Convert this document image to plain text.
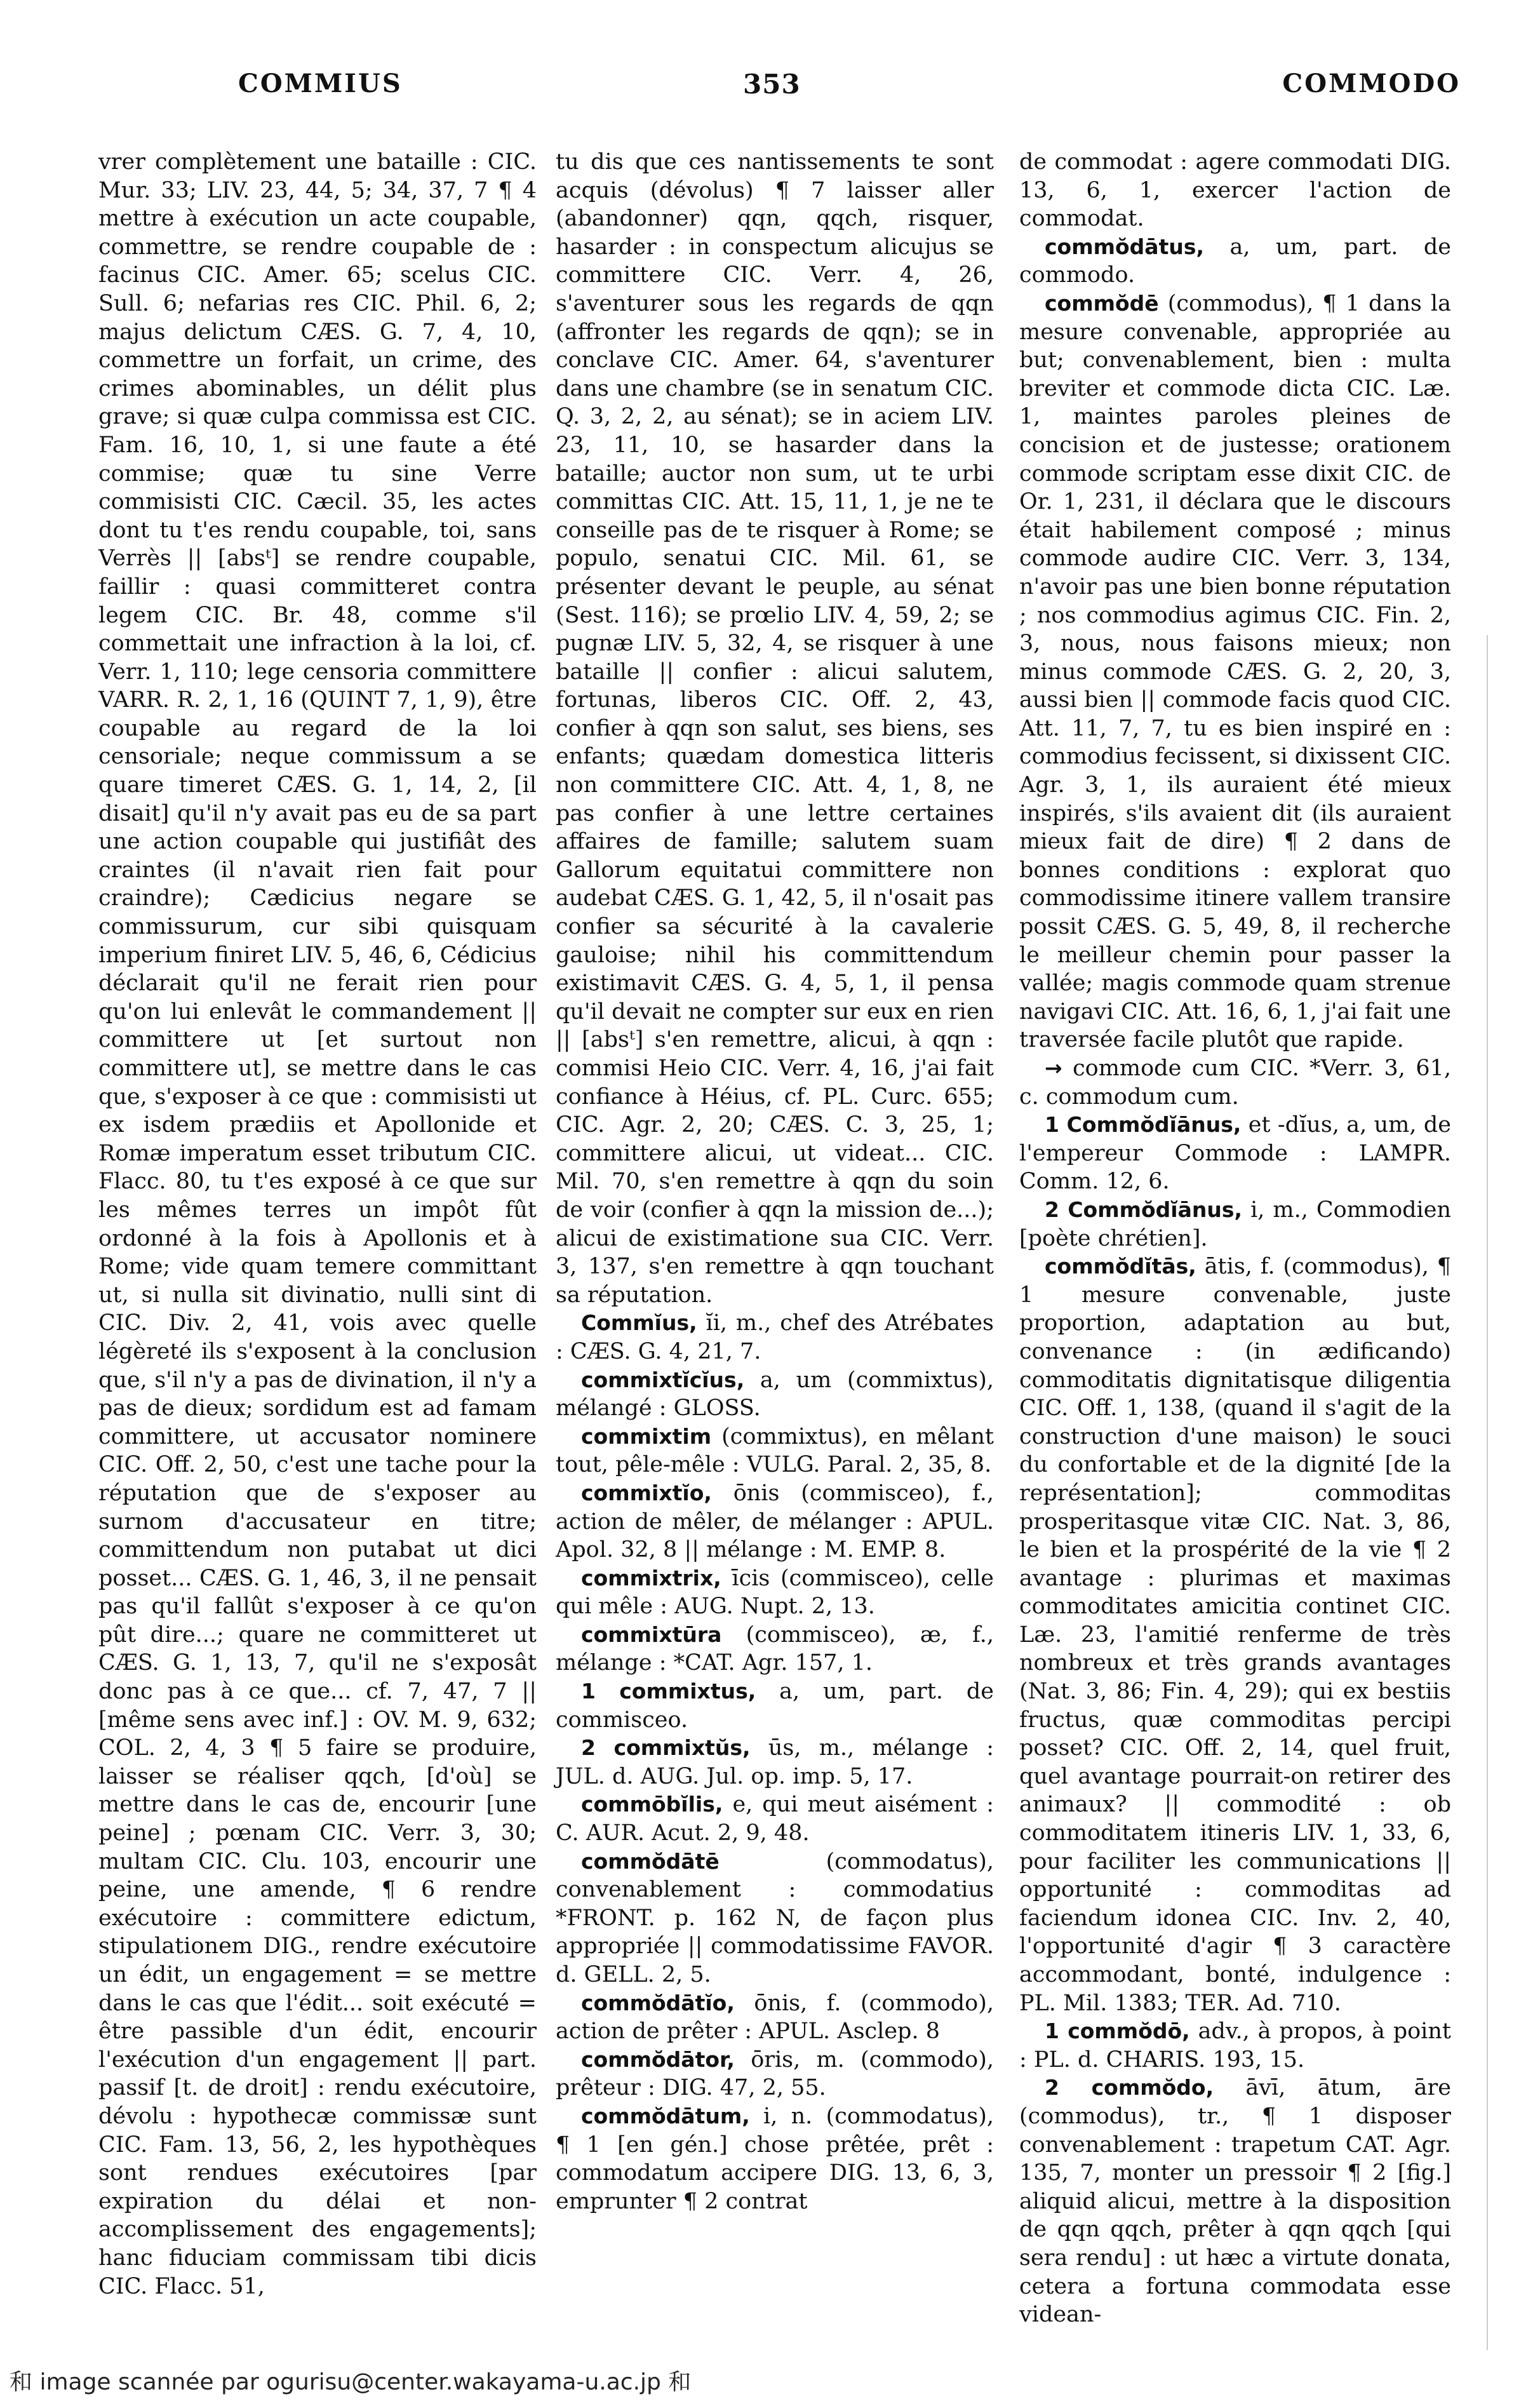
COMMIUS	353	COMMODO

vrer complètement une bataille : CIC. Mur. 33; LIV. 23, 44, 5; 34, 37, 7 ¶ 4 mettre à exécution un acte coupable, commettre, se rendre coupable de : facinus CIC. Amer. 65; scelus CIC. Sull. 6; nefarias res CIC. Phil. 6, 2; majus delictum CÆS. G. 7, 4, 10, commettre un forfait, un crime, des crimes abominables, un délit plus grave; si quæ culpa commissa est CIC. Fam. 16, 10, 1, si une faute a été commise; quæ tu sine Verre commisisti CIC. Cæcil. 35, les actes dont tu t'es rendu coupable, toi, sans Verrès || [absᵗ] se rendre coupable, faillir : quasi committeret contra legem CIC. Br. 48, comme s'il commettait une infraction à la loi, cf. Verr. 1, 110; lege censoria committere VARR. R. 2, 1, 16 (QUINT 7, 1, 9), être coupable au regard de la loi censoriale; neque commissum a se quare timeret CÆS. G. 1, 14, 2, [il disait] qu'il n'y avait pas eu de sa part une action coupable qui justifiât des craintes (il n'avait rien fait pour craindre); Cædicius negare se commissurum, cur sibi quisquam imperium finiret LIV. 5, 46, 6, Cédicius déclarait qu'il ne ferait rien pour qu'on lui enlevât le commandement || committere ut [et surtout non committere ut], se mettre dans le cas que, s'exposer à ce que : commisisti ut ex isdem prædiis et Apollonide et Romæ imperatum esset tributum CIC. Flacc. 80, tu t'es exposé à ce que sur les mêmes terres un impôt fût ordonné à la fois à Apollonis et à Rome; vide quam temere committant ut, si nulla sit divinatio, nulli sint di CIC. Div. 2, 41, vois avec quelle légèreté ils s'exposent à la conclusion que, s'il n'y a pas de divination, il n'y a pas de dieux; sordidum est ad famam committere, ut accusator nominere CIC. Off. 2, 50, c'est une tache pour la réputation que de s'exposer au surnom d'accusateur en titre; committendum non putabat ut dici posset... CÆS. G. 1, 46, 3, il ne pensait pas qu'il fallût s'exposer à ce qu'on pût dire...; quare ne committeret ut CÆS. G. 1, 13, 7, qu'il ne s'exposât donc pas à ce que... cf. 7, 47, 7 || [même sens avec inf.] : OV. M. 9, 632; COL. 2, 4, 3 ¶ 5 faire se produire, laisser se réaliser qqch, [d'où] se mettre dans le cas de, encourir [une peine] ; pœnam CIC. Verr. 3, 30; multam CIC. Clu. 103, encourir une peine, une amende, ¶ 6 rendre exécutoire : committere edictum, stipulationem DIG., rendre exécutoire un édit, un engagement = se mettre dans le cas que l'édit... soit exécuté = être passible d'un édit, encourir l'exécution d'un engagement || part. passif [t. de droit] : rendu exécutoire, dévolu : hypothecæ commissæ sunt CIC. Fam. 13, 56, 2, les hypothèques sont rendues exécutoires [par expiration du délai et non-accomplissement des engagements]; hanc fiduciam commissam tibi dicis CIC. Flacc. 51,

tu dis que ces nantissements te sont acquis (dévolus) ¶ 7 laisser aller (abandonner) qqn, qqch, risquer, hasarder : in conspectum alicujus se committere CIC. Verr. 4, 26, s'aventurer sous les regards de qqn (affronter les regards de qqn); se in conclave CIC. Amer. 64, s'aventurer dans une chambre (se in senatum CIC. Q. 3, 2, 2, au sénat); se in aciem LIV. 23, 11, 10, se hasarder dans la bataille; auctor non sum, ut te urbi committas CIC. Att. 15, 11, 1, je ne te conseille pas de te risquer à Rome; se populo, senatui CIC. Mil. 61, se présenter devant le peuple, au sénat (Sest. 116); se prœlio LIV. 4, 59, 2; se pugnæ LIV. 5, 32, 4, se risquer à une bataille || confier : alicui salutem, fortunas, liberos CIC. Off. 2, 43, confier à qqn son salut, ses biens, ses enfants; quædam domestica litteris non committere CIC. Att. 4, 1, 8, ne pas confier à une lettre certaines affaires de famille; salutem suam Gallorum equitatui committere non audebat CÆS. G. 1, 42, 5, il n'osait pas confier sa sécurité à la cavalerie gauloise; nihil his committendum existimavit CÆS. G. 4, 5, 1, il pensa qu'il devait ne compter sur eux en rien || [absᵗ] s'en remettre, alicui, à qqn : commisi Heio CIC. Verr. 4, 16, j'ai fait confiance à Héius, cf. PL. Curc. 655; CIC. Agr. 2, 20; CÆS. C. 3, 25, 1; committere alicui, ut videat... CIC. Mil. 70, s'en remettre à qqn du soin de voir (confier à qqn la mission de...); alicui de existimatione sua CIC. Verr. 3, 137, s'en remettre à qqn touchant sa réputation.

Commĭus, ĭi, m., chef des Atrébates : CÆS. G. 4, 21, 7.

commixtĭcĭus, a, um (commixtus), mélangé : GLOSS.

commixtim (commixtus), en mêlant tout, pêle-mêle : VULG. Paral. 2, 35, 8.

commixtĭo, ōnis (commisceo), f., action de mêler, de mélanger : APUL. Apol. 32, 8 || mélange : M. EMP. 8.

commixtrix, īcis (commisceo), celle qui mêle : AUG. Nupt. 2, 13.

commixtūra (commisceo), æ, f., mélange : *CAT. Agr. 157, 1.

1 commixtus, a, um, part. de commisceo.

2 commixtŭs, ūs, m., mélange : JUL. d. AUG. Jul. op. imp. 5, 17.

commōbĭlis, e, qui meut aisément : C. AUR. Acut. 2, 9, 48.

commŏdātē	(commodatus), convenablement : commodatius *FRONT. p. 162 N, de façon plus appropriée || commodatissime FAVOR. d. GELL. 2, 5.

commŏdātĭo, ōnis, f. (commodo), action de prêter : APUL. Asclep. 8

commŏdātor, ōris, m. (commodo), prêteur : DIG. 47, 2, 55.

commŏdātum, i, n. (commodatus), ¶ 1 [en gén.] chose prêtée, prêt : commodatum accipere DIG. 13, 6, 3, emprunter ¶ 2 contrat

de commodat : agere commodati DIG. 13, 6, 1, exercer l'action de commodat.

commŏdātus, a, um, part. de commodo.

commŏdē (commodus), ¶ 1 dans la mesure convenable, appropriée au but; convenablement, bien : multa breviter et commode dicta CIC. Læ. 1, maintes paroles pleines de concision et de justesse; orationem commode scriptam esse dixit CIC. de Or. 1, 231, il déclara que le discours était habilement composé ; minus commode audire CIC. Verr. 3, 134, n'avoir pas une bien bonne réputation ; nos commodius agimus CIC. Fin. 2, 3, nous, nous faisons mieux; non minus commode CÆS. G. 2, 20, 3, aussi bien || commode facis quod CIC. Att. 11, 7, 7, tu es bien inspiré en : commodius fecissent, si dixissent CIC. Agr. 3, 1, ils auraient été mieux inspirés, s'ils avaient dit (ils auraient mieux fait de dire) ¶ 2 dans de bonnes conditions : explorat quo commodissime itinere vallem transire possit CÆS. G. 5, 49, 8, il recherche le meilleur chemin pour passer la vallée; magis commode quam strenue navigavi CIC. Att. 16, 6, 1, j'ai fait une traversée facile plutôt que rapide.

→ commode cum CIC. *Verr. 3, 61, c. commodum cum.

1 Commŏdĭānus, et -dĭus, a, um, de l'empereur Commode : LAMPR. Comm. 12, 6.

2 Commŏdĭānus, i, m., Commodien [poète chrétien].

commŏdĭtās, ātis, f. (commodus), ¶ 1 mesure convenable, juste proportion, adaptation au but, convenance : (in ædificando) commoditatis dignitatisque diligentia CIC. Off. 1, 138, (quand il s'agit de la construction d'une maison) le souci du confortable et de la dignité [de la représentation]; commoditas prosperitasque vitæ CIC. Nat. 3, 86, le bien et la prospérité de la vie ¶ 2 avantage : plurimas et maximas commoditates amicitia continet CIC. Læ. 23, l'amitié renferme de très nombreux et très grands avantages (Nat. 3, 86; Fin. 4, 29); qui ex bestiis fructus, quæ commoditas percipi posset? CIC. Off. 2, 14, quel fruit, quel avantage pourrait-on retirer des animaux? || commodité : ob commoditatem itineris LIV. 1, 33, 6, pour faciliter les communications || opportunité : commoditas ad faciendum idonea CIC. Inv. 2, 40, l'opportunité d'agir ¶ 3 caractère accommodant, bonté, indulgence : PL. Mil. 1383; TER. Ad. 710.

1 commŏdō, adv., à propos, à point : PL. d. CHARIS. 193, 15.

2 commŏdo, āvī, ātum, āre (commodus), tr., ¶ 1 disposer convenablement : trapetum CAT. Agr. 135, 7, monter un pressoir ¶ 2 [fig.] aliquid alicui, mettre à la disposition de qqn qqch, prêter à qqn qqch [qui sera rendu] : ut hæc a virtute donata, cetera a fortuna commodata esse videan-

和 image scannée par ogurisu@center.wakayama-u.ac.jp 和
